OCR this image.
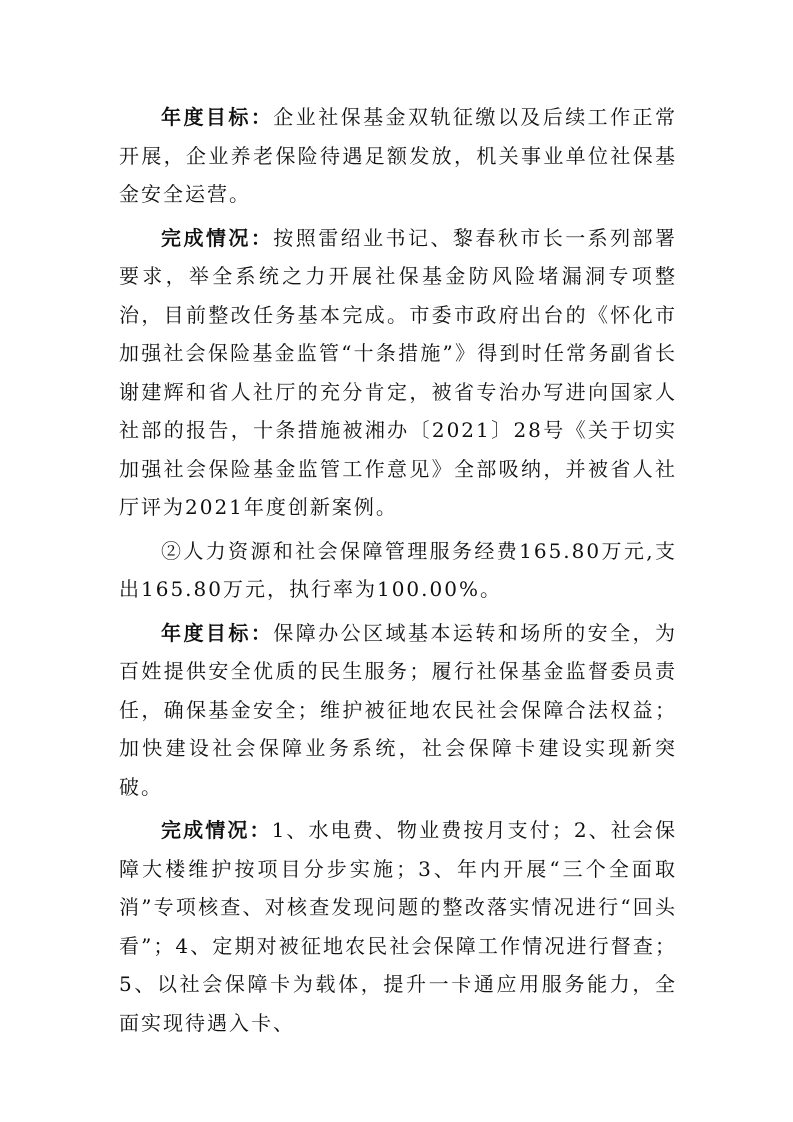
年度目标：企业社保基金双轨征缴以及后续工作正常开展，企业养老保险待遇足额发放，机关事业单位社保基金安全运营。

完成情况：按照雷绍业书记、黎春秋市长一系列部署要求，举全系统之力开展社保基金防风险堵漏洞专项整治，目前整改任务基本完成。市委市政府出台的《怀化市加强社会保险基金监管“十条措施”》得到时任常务副省长谢建辉和省人社厅的充分肯定，被省专治办写进向国家人社部的报告，十条措施被湘办〔2021〕28号《关于切实加强社会保险基金监管工作意见》全部吸纳，并被省人社厅评为2021年度创新案例。

②人力资源和社会保障管理服务经费165.80万元,支出165.80万元，执行率为100.00%。

年度目标：保障办公区域基本运转和场所的安全，为百姓提供安全优质的民生服务；履行社保基金监督委员责任，确保基金安全；维护被征地农民社会保障合法权益；加快建设社会保障业务系统，社会保障卡建设实现新突破。

完成情况：1、水电费、物业费按月支付；2、社会保障大楼维护按项目分步实施；3、年内开展“三个全面取消”专项核查、对核查发现问题的整改落实情况进行“回头看”；4、定期对被征地农民社会保障工作情况进行督查；5、以社会保障卡为载体，提升一卡通应用服务能力，全面实现待遇入卡、
